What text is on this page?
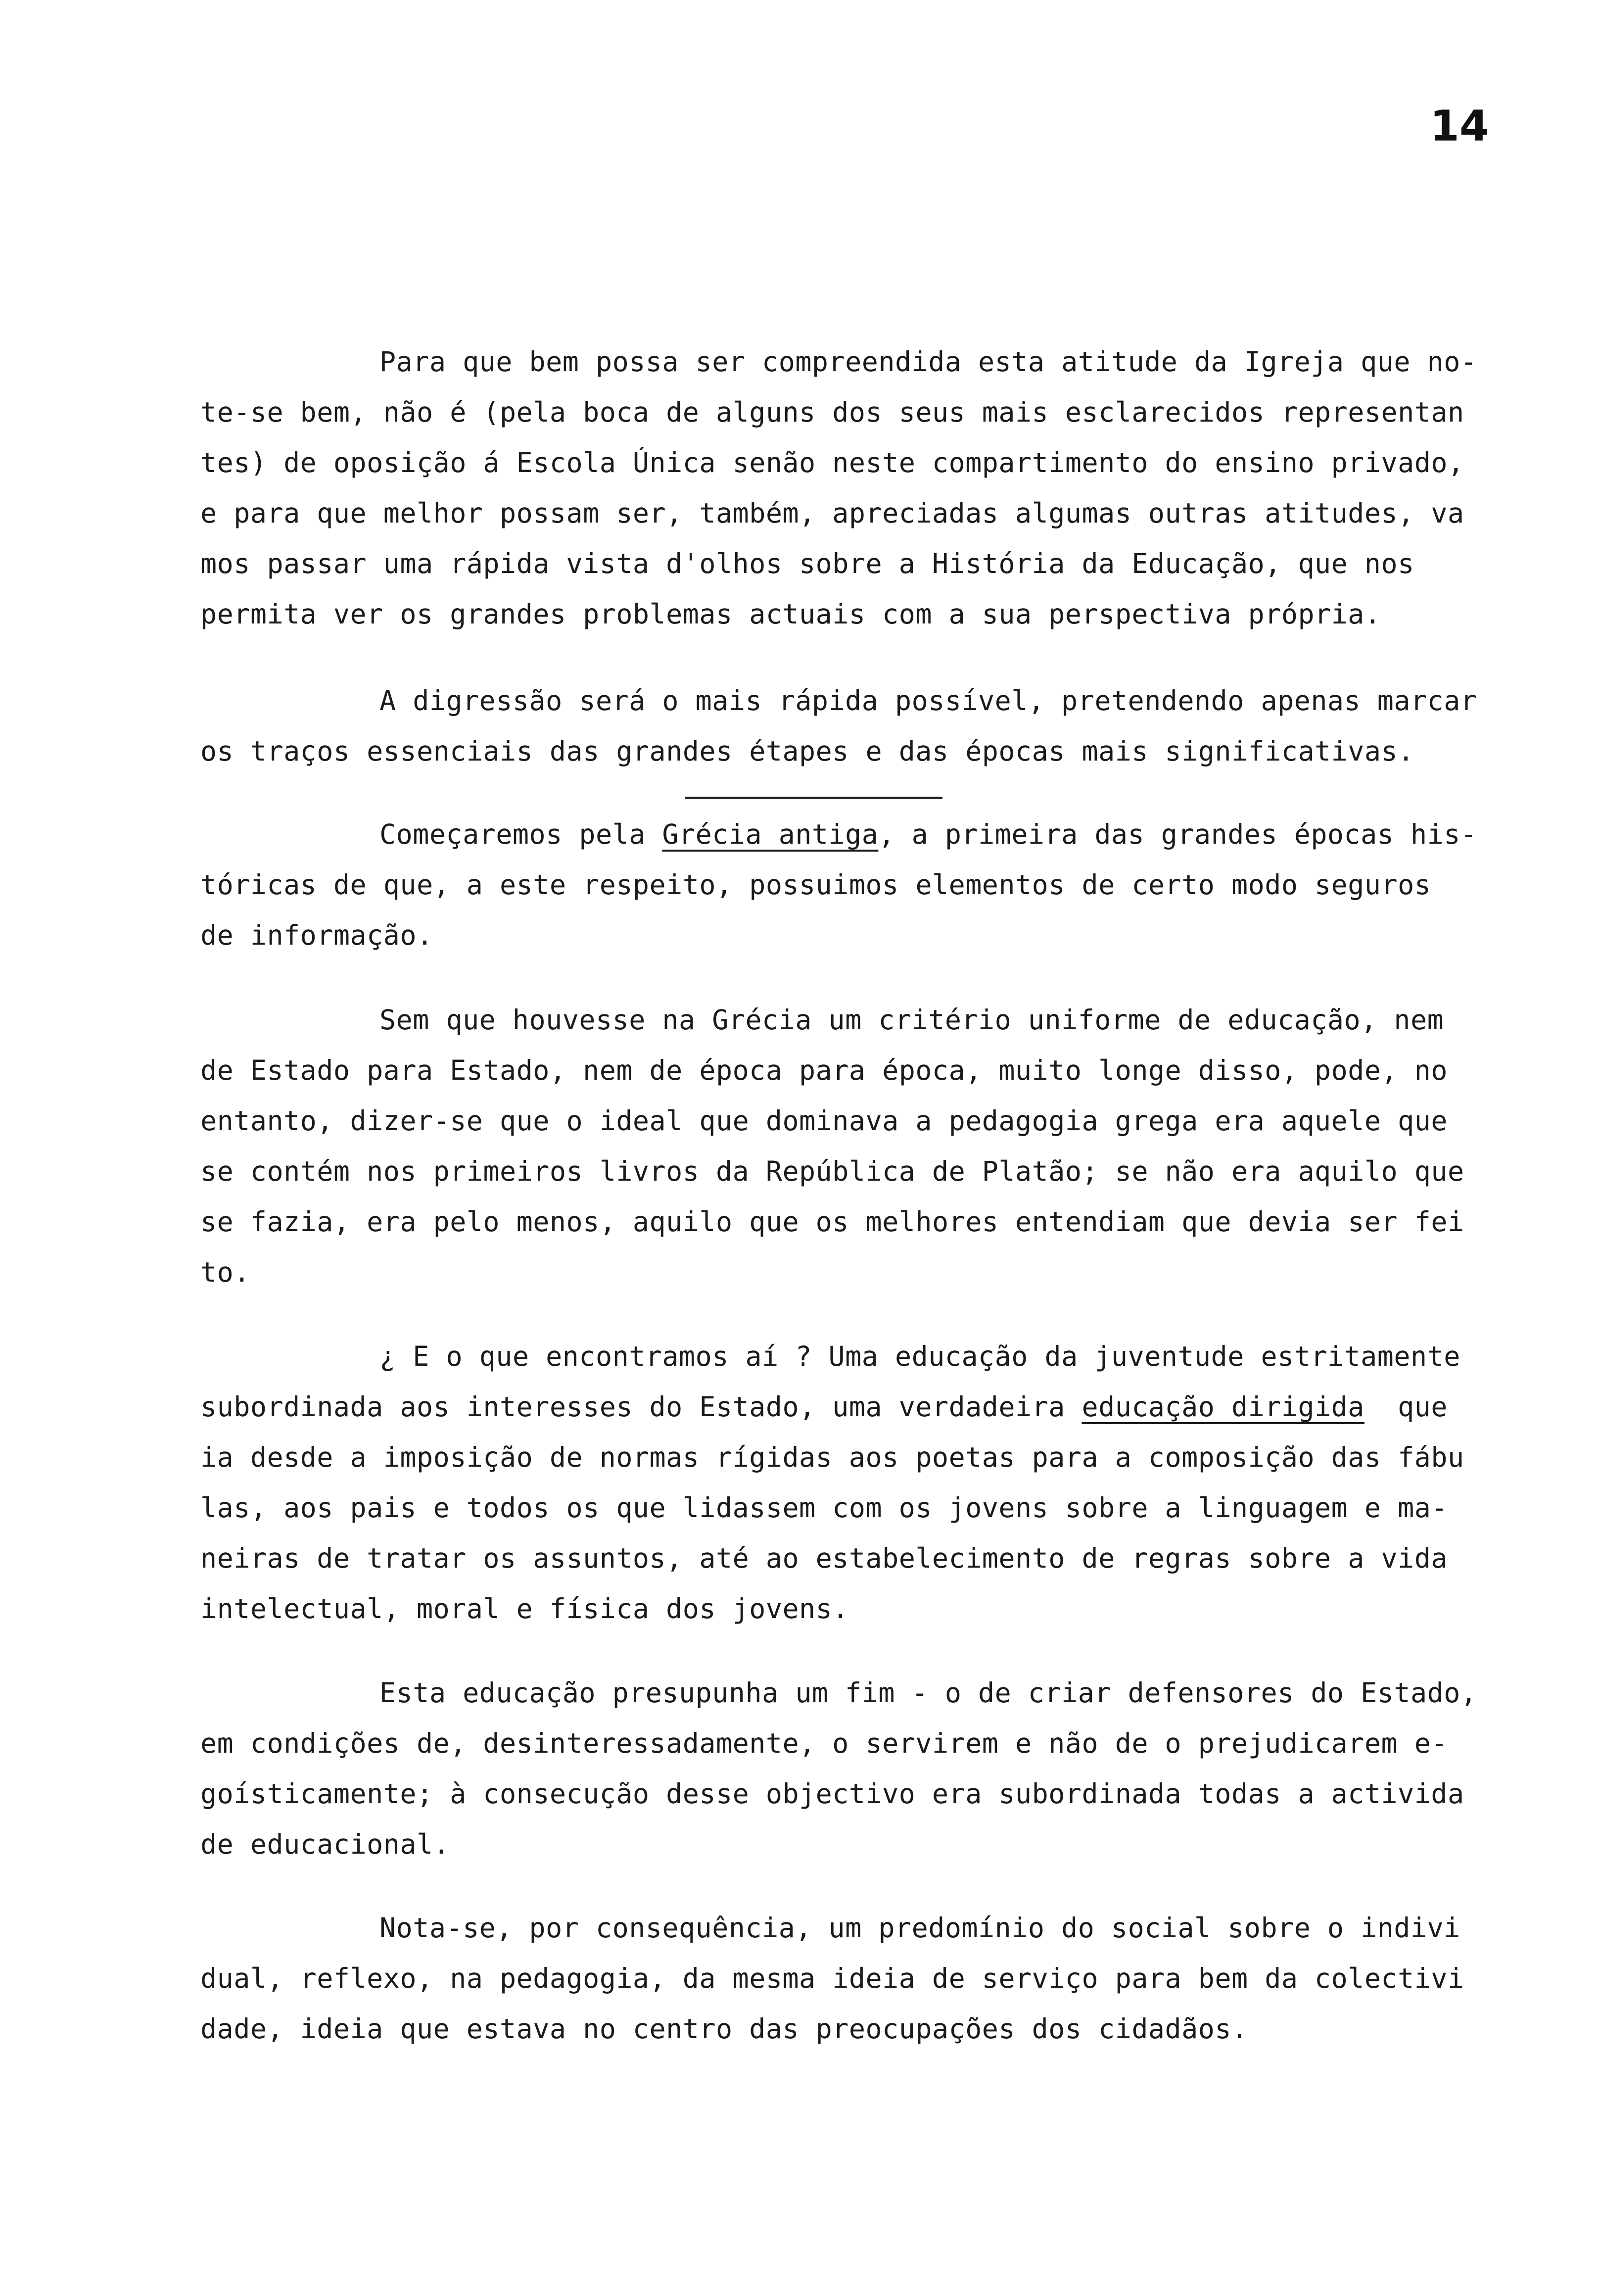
14
Para que bem possa ser compreendida esta atitude da Igreja que no-
te-se bem, não é (pela boca de alguns dos seus mais esclarecidos representan
tes) de oposição á Escola Única senão neste compartimento do ensino privado,
e para que melhor possam ser, também, apreciadas algumas outras atitudes, va
mos passar uma rápida vista d'olhos sobre a História da Educação, que nos
permita ver os grandes problemas actuais com a sua perspectiva própria.
A digressão será o mais rápida possível, pretendendo apenas marcar
os traços essenciais das grandes étapes e das épocas mais significativas.
Começaremos pela Grécia antiga, a primeira das grandes épocas his-
tóricas de que, a este respeito, possuimos elementos de certo modo seguros
de informação.
Sem que houvesse na Grécia um critério uniforme de educação, nem
de Estado para Estado, nem de época para época, muito longe disso, pode, no
entanto, dizer-se que o ideal que dominava a pedagogia grega era aquele que
se contém nos primeiros livros da República de Platão; se não era aquilo que
se fazia, era pelo menos, aquilo que os melhores entendiam que devia ser fei
to.
¿ E o que encontramos aí ? Uma educação da juventude estritamente
subordinada aos interesses do Estado, uma verdadeira educação dirigida  que
ia desde a imposição de normas rígidas aos poetas para a composição das fábu
las, aos pais e todos os que lidassem com os jovens sobre a linguagem e ma-
neiras de tratar os assuntos, até ao estabelecimento de regras sobre a vida
intelectual, moral e física dos jovens.
Esta educação presupunha um fim - o de criar defensores do Estado,
em condições de, desinteressadamente, o servirem e não de o prejudicarem e-
goísticamente; à consecução desse objectivo era subordinada todas a activida
de educacional.
Nota-se, por consequência, um predomínio do social sobre o indivi
dual, reflexo, na pedagogia, da mesma ideia de serviço para bem da colectivi
dade, ideia que estava no centro das preocupações dos cidadãos.
